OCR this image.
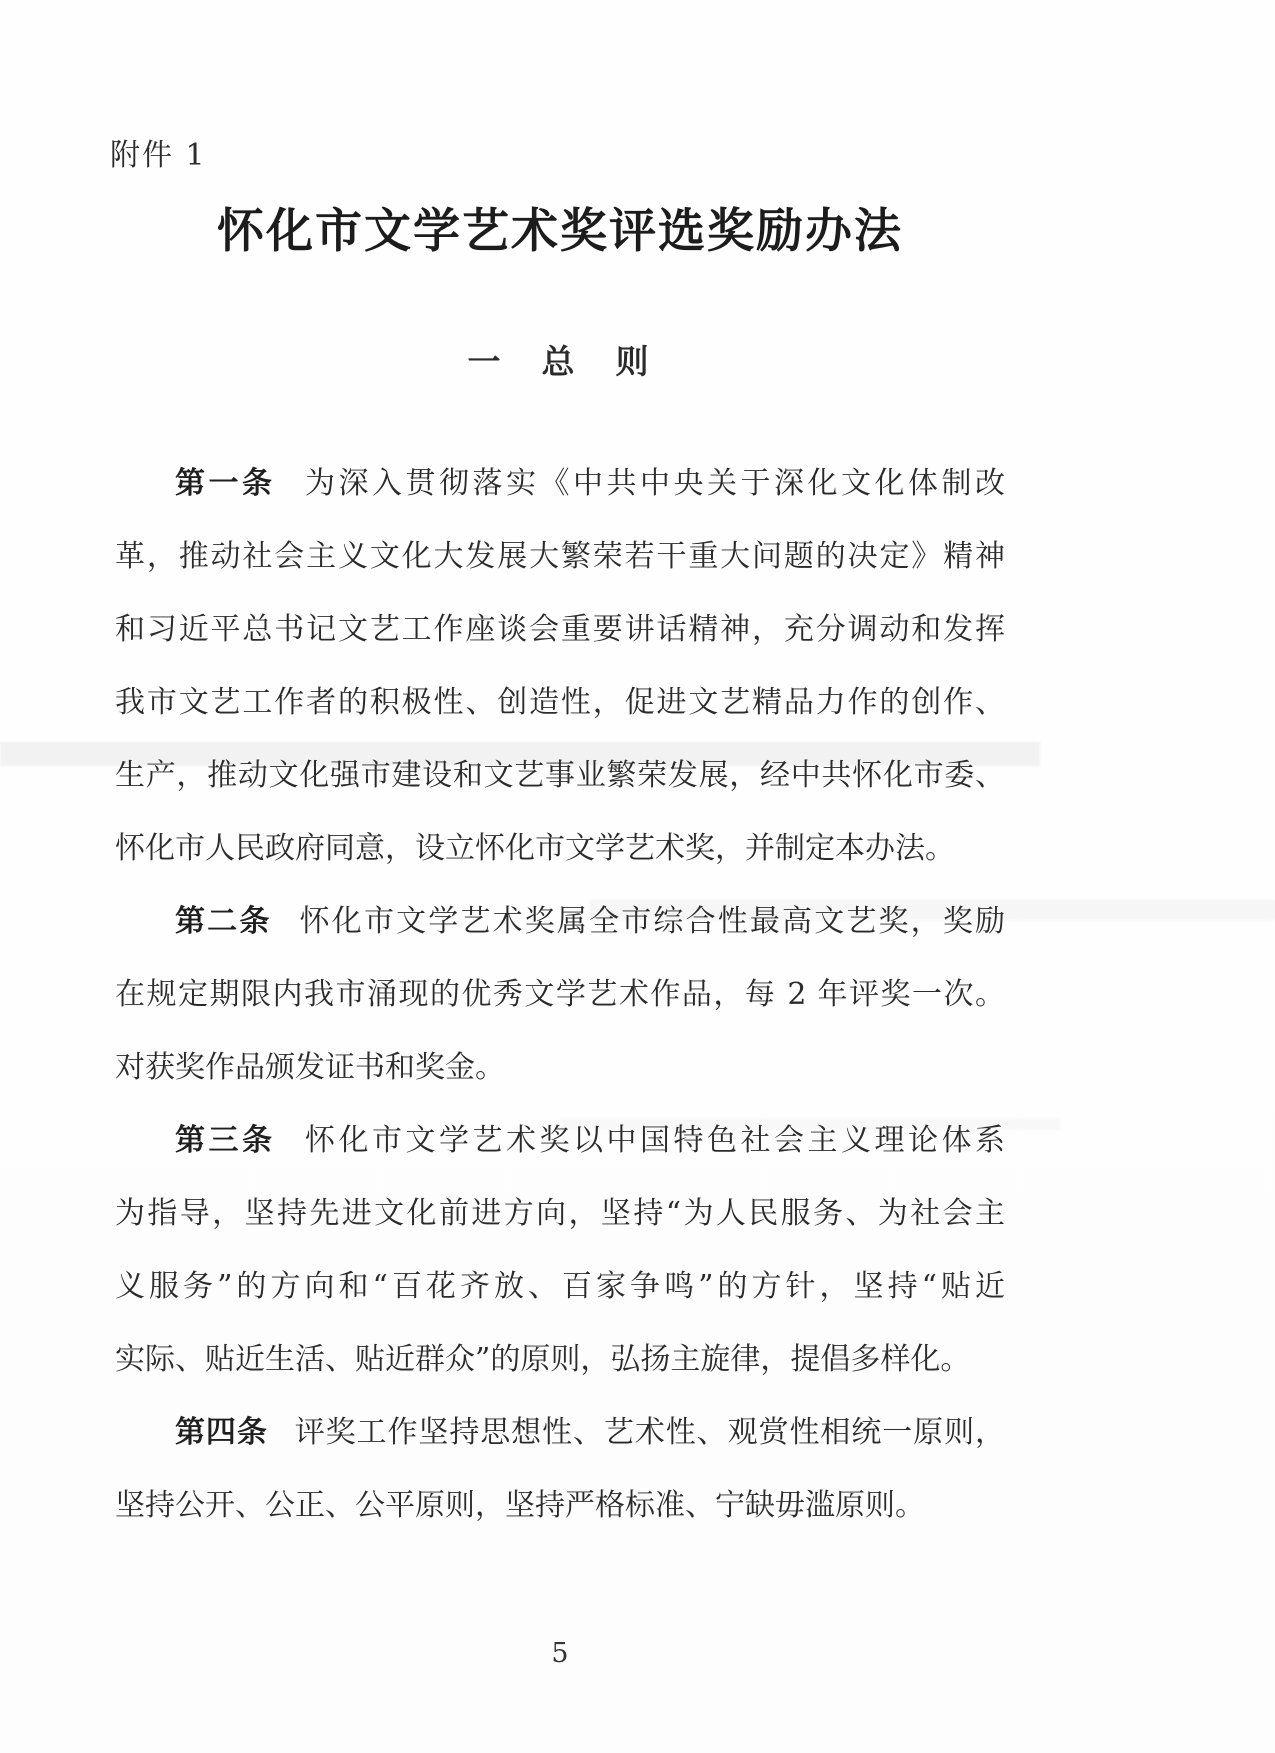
附件 1
怀化市文学艺术奖评选奖励办法
一　总　则
第一条 为深入贯彻落实《中共中央关于深化文化体制改
革，推动社会主义文化大发展大繁荣若干重大问题的决定》精神
和习近平总书记文艺工作座谈会重要讲话精神，充分调动和发挥
我市文艺工作者的积极性、创造性，促进文艺精品力作的创作、
生产，推动文化强市建设和文艺事业繁荣发展，经中共怀化市委、
怀化市人民政府同意，设立怀化市文学艺术奖，并制定本办法。
第二条 怀化市文学艺术奖属全市综合性最高文艺奖，奖励
在规定期限内我市涌现的优秀文学艺术作品，每 2 年评奖一次。
对获奖作品颁发证书和奖金。
第三条 怀化市文学艺术奖以中国特色社会主义理论体系
为指导，坚持先进文化前进方向，坚持“为人民服务、为社会主
义服务”的方向和“百花齐放、百家争鸣”的方针，坚持“贴近
实际、贴近生活、贴近群众”的原则，弘扬主旋律，提倡多样化。
第四条 评奖工作坚持思想性、艺术性、观赏性相统一原则，
坚持公开、公正、公平原则，坚持严格标准、宁缺毋滥原则。
5
